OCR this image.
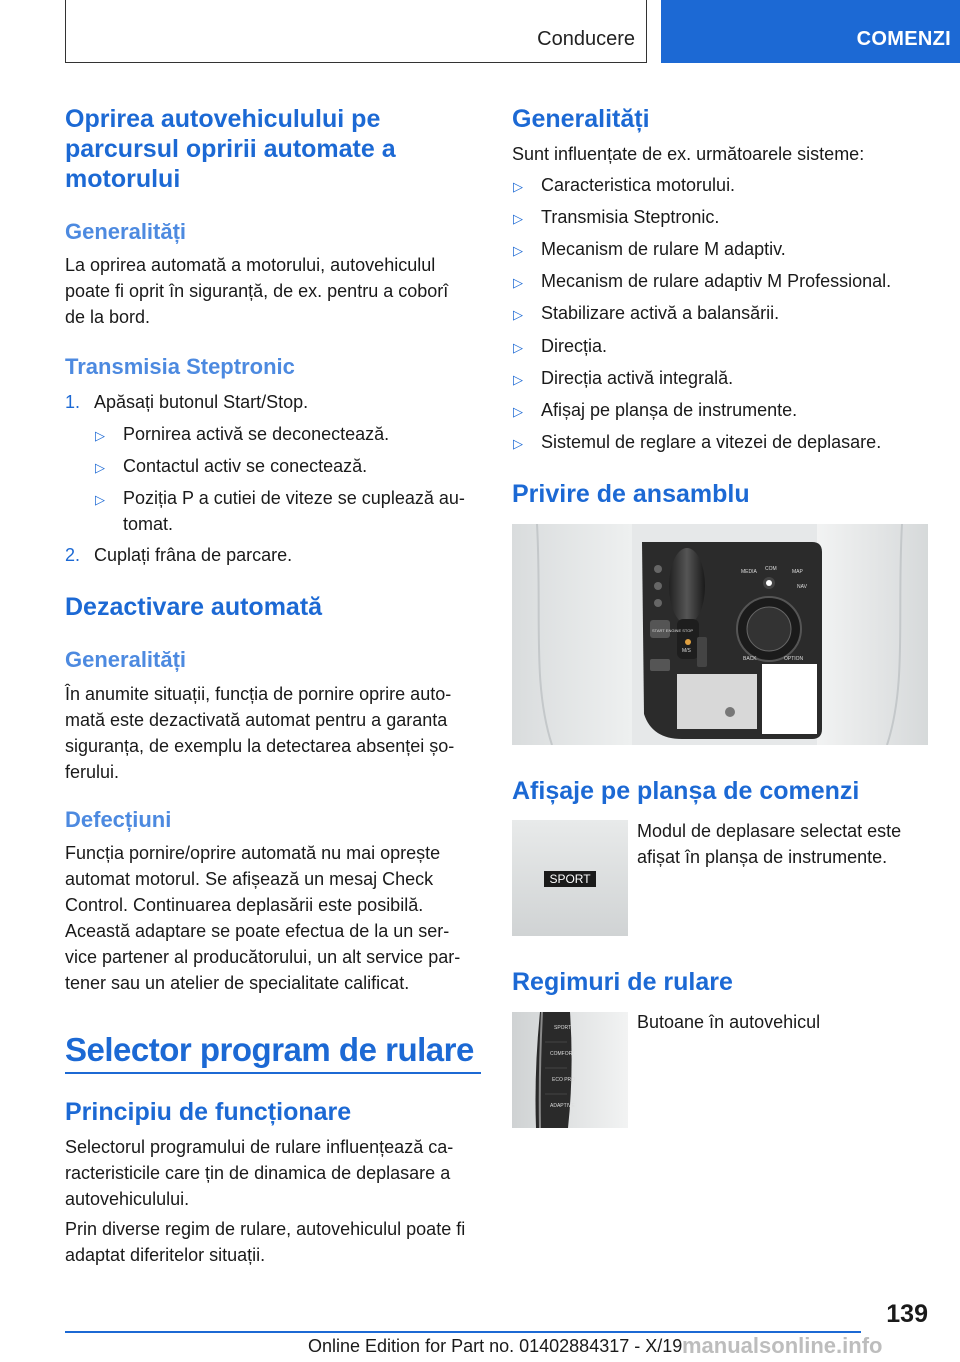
Conducere	COMENZI
Oprirea autovehiculului pe parcursul opririi automate a motorului
Generalități

La oprirea automată a motorului, autovehiculul poate fi oprit în siguranță, de ex. pentru a coborî de la bord.

Transmisia Steptronic
1. Apăsați butonul Start/Stop.
▷ Pornirea activă se deconectează.
▷ Contactul activ se conectează.
▷ Poziția P a cutiei de viteze se cuplează au-tomat.
2. Cuplați frâna de parcare.
Dezactivare automată
Generalități

În anumite situații, funcția de pornire oprire auto-mată este dezactivată automat pentru a garanta siguranța, de exemplu la detectarea absenței șo-ferului.

Defecțiuni

Funcția pornire/oprire automată nu mai oprește automat motorul. Se afișează un mesaj Check Control. Continuarea deplasării este posibilă. Această adaptare se poate efectua de la un ser-vice partener al producătorului, un alt service par-tener sau un atelier de specialitate calificat.

Selector program de rulare
Principiu de funcționare

Selectorul programului de rulare influențează ca-racteristicile care țin de dinamica de deplasare a autovehiculului.

Prin diverse regim de rulare, autovehiculul poate fi adaptat diferitelor situații.

Generalități

Sunt influențate de ex. următoarele sisteme:

▷ Caracteristica motorului.
▷ Transmisia Steptronic.
▷ Mecanism de rulare M adaptiv.
▷ Mecanism de rulare adaptiv M Professional.
▷ Stabilizare activă a balansării.
▷ Direcția.
▷ Direcția activă integrală.
▷ Afișaj pe planșa de instrumente.
▷ Sistemul de reglare a vitezei de deplasare.
Privire de ansamblu
MEDIA COM	MAP
NAV
BACK	OPTION
START ENGINE STOP
M/S
Afișaje pe planșa de comenzi
SPORT

Modul de deplasare selectat este afișat în planșa de instrumente.

Regimuri de rulare
SPORT
COMFORT
ECO PRO
ADAPTIVE

Butoane în autovehicul

139
Online Edition for Part no. 01402884317 - X/19 manualsonline.info
